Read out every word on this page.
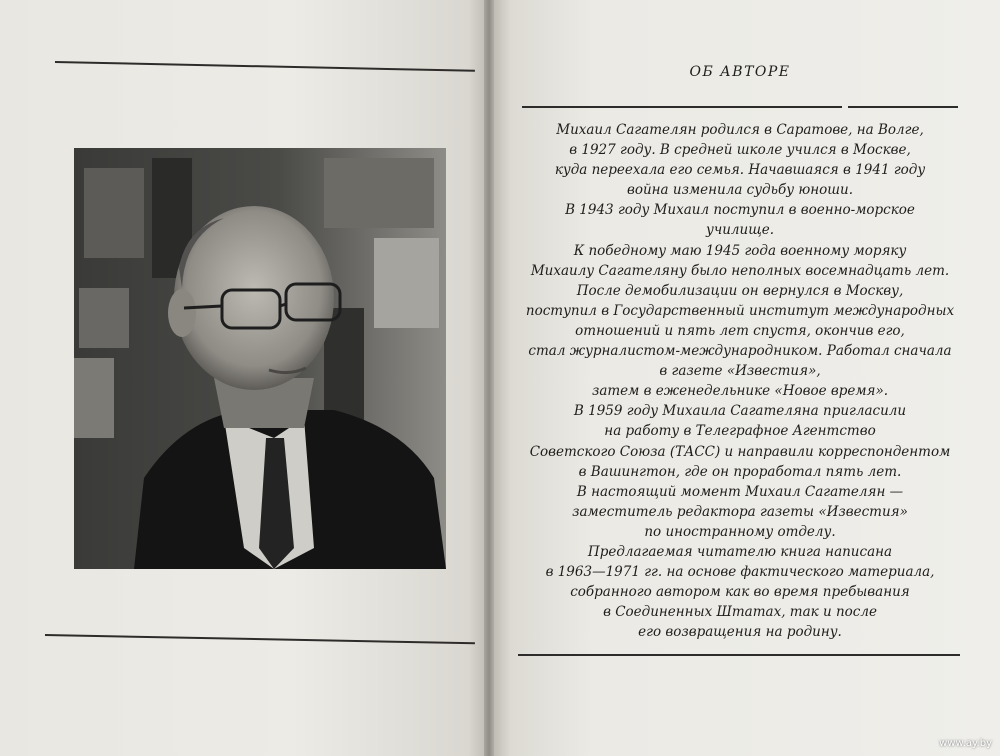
ОБ АВТОРЕ
Михаил Сагателян родился в Саратове, на Волге,
в 1927 году. В средней школе учился в Москве,
куда переехала его семья. Начавшаяся в 1941 году
война изменила судьбу юноши.
В 1943 году Михаил поступил в военно-морское
училище.
К победному маю 1945 года военному моряку
Михаилу Сагателяну было неполных восемнадцать лет.
После демобилизации он вернулся в Москву,
поступил в Государственный институт международных
отношений и пять лет спустя, окончив его,
стал журналистом-международником. Работал сначала
в газете «Известия»,
затем в еженедельнике «Новое время».
В 1959 году Михаила Сагателяна пригласили
на работу в Телеграфное Агентство
Советского Союза (ТАСС) и направили корреспондентом
в Вашингтон, где он проработал пять лет.
В настоящий момент Михаил Сагателян —
заместитель редактора газеты «Известия»
по иностранному отделу.
Предлагаемая читателю книга написана
в 1963—1971 гг. на основе фактического материала,
собранного автором как во время пребывания
в Соединенных Штатах, так и после
его возвращения на родину.
www.ay.by
